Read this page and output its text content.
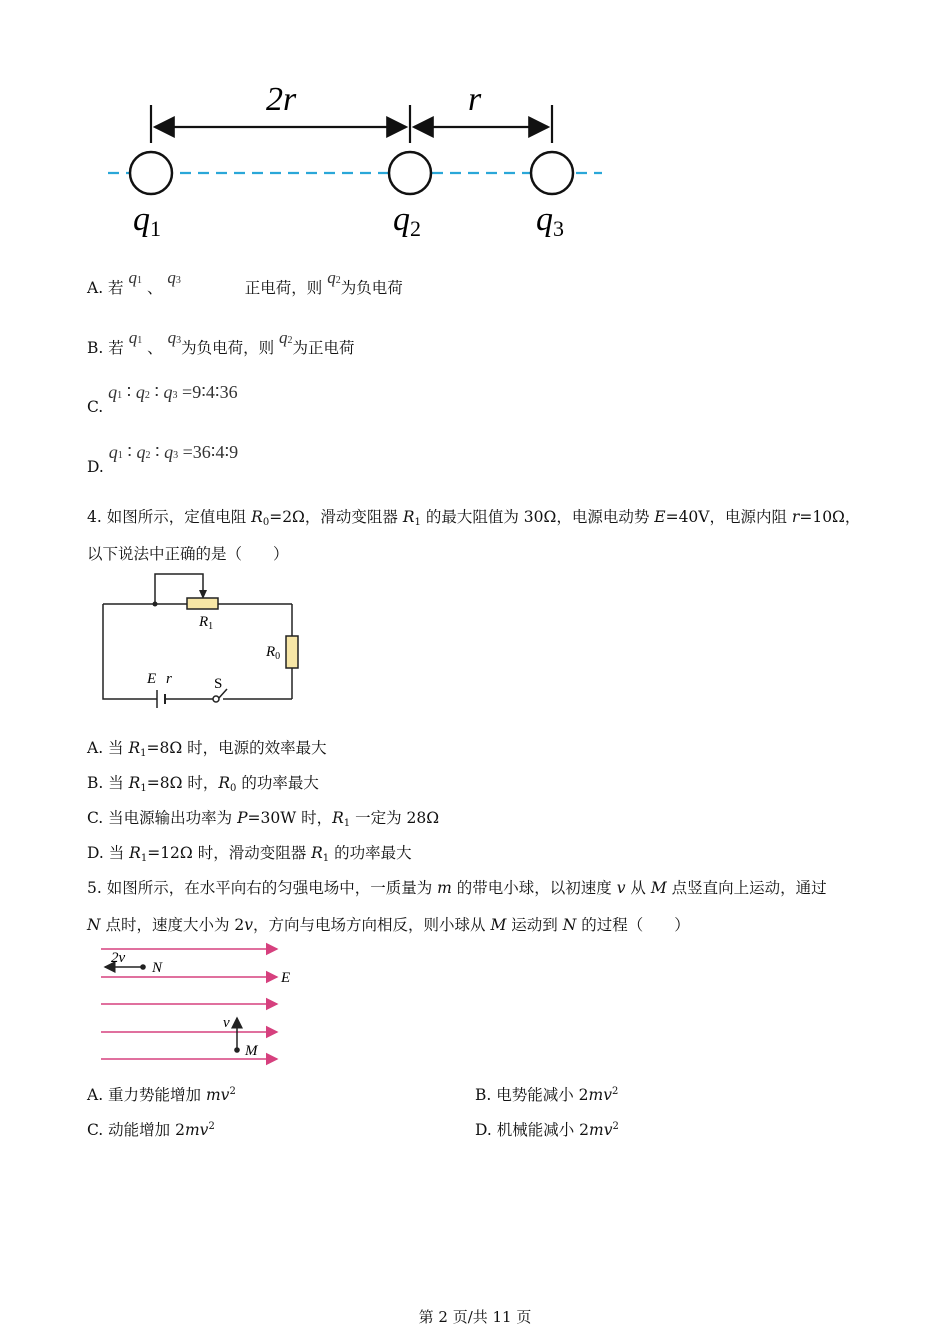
2r	r
q1	q2	q3
A. 若 q1 、 q3	正电荷，则 q2为负电荷
B. 若 q1 、 q3为负电荷，则 q2为正电荷
C. q1 ∶ q2 ∶ q3 =9∶4∶36
D. q1 ∶ q2 ∶ q3 =36∶4∶9
4. 如图所示，定值电阻 $R_0=2\Omega$，滑动变阻器 $R_1$ 的最大阻值为 30Ω，电源电动势 E=40V，电源内阻 r=10Ω，
以下说法中正确的是（　　）
$R_1$
$R_0$
E r	S
A. 当 $R_1=8\Omega$ 时，电源的效率最大
B. 当 $R_1=8\Omega$ 时，$R_0$ 的功率最大
C. 当电源输出功率为 P=30W 时，$R_1$ 一定为 28Ω
D. 当 $R_1=12\Omega$ 时，滑动变阻器 $R_1$ 的功率最大
5. 如图所示，在水平向右的匀强电场中，一质量为 m 的带电小球，以初速度 v 从 M 点竖直向上运动，通过
N 点时，速度大小为 2v，方向与电场方向相反，则小球从 M 运动到 N 的过程（　　）
2v
N
E
v
M
A. 重力势能增加 $mv^2$	B. 电势能减小 $2mv^2$
C. 动能增加 $2mv^2$	D. 机械能减小 $2mv^2$
第 2 页/共 11 页
